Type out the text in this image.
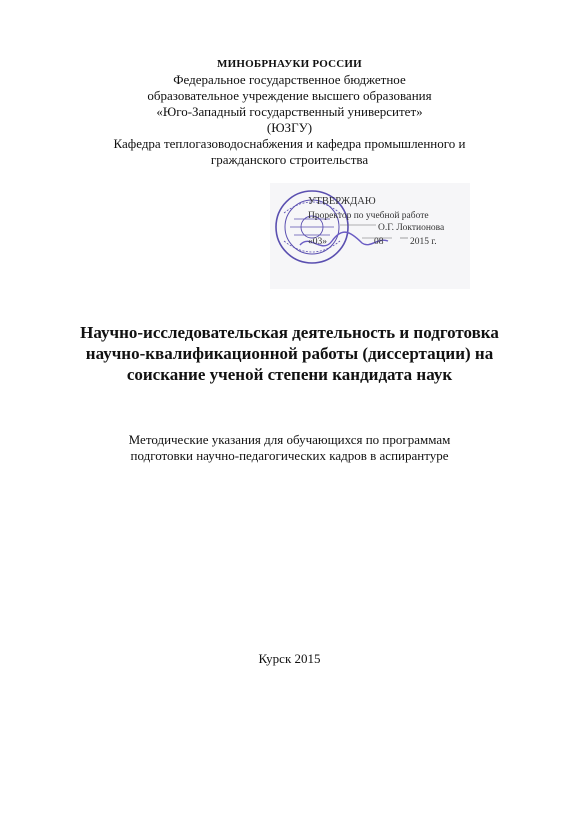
МИНОБРНАУКИ РОССИИ
Федеральное государственное бюджетное
образовательное учреждение высшего образования
«Юго-Западный государственный университет»
(ЮЗГУ)
Кафедра теплогазоводоснабжения и кафедра промышленного и
гражданского строительства
УТВЕРЖДАЮ
Проректор по учебной работе
О.Г. Локтионова
«03»	08	2015 г.
Научно-исследовательская деятельность и подготовка
научно-квалификационной работы (диссертации) на
соискание ученой степени кандидата наук
Методические указания для обучающихся по программам
подготовки научно-педагогических кадров в аспирантуре
Курск 2015
